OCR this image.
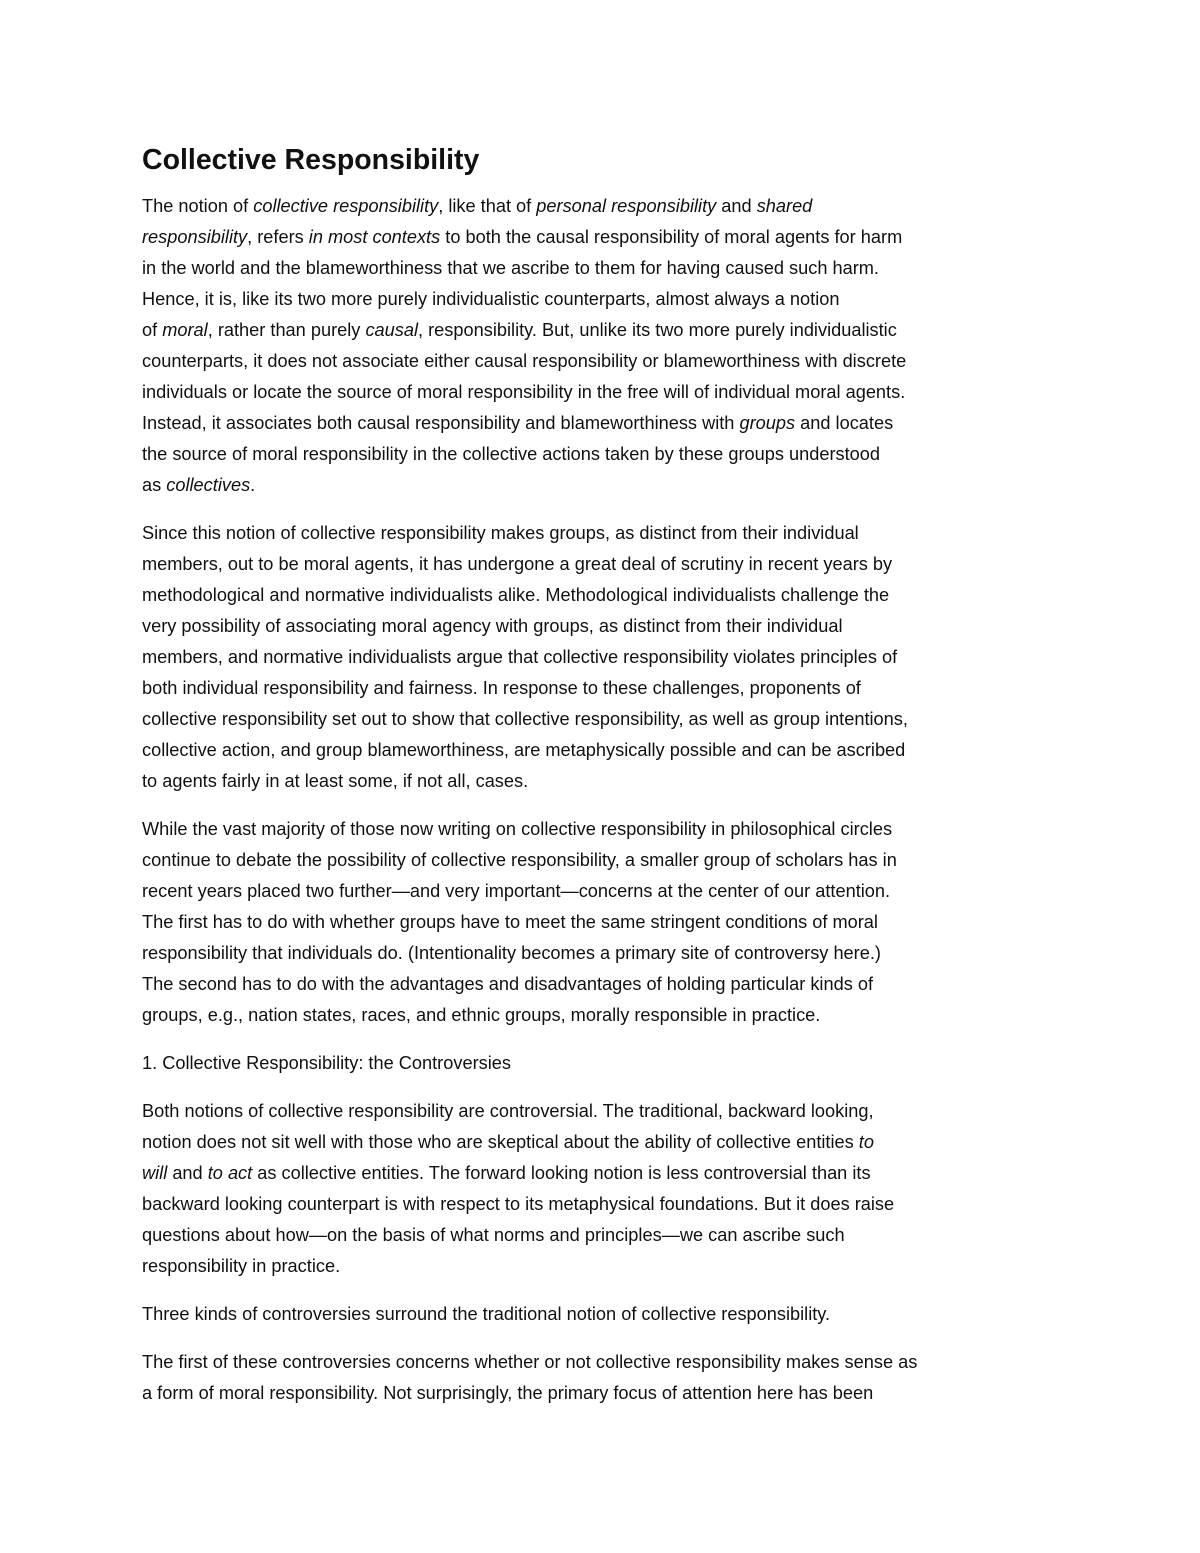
Collective Responsibility
The notion of collective responsibility, like that of personal responsibility and shared
responsibility, refers in most contexts to both the causal responsibility of moral agents for harm
in the world and the blameworthiness that we ascribe to them for having caused such harm.
Hence, it is, like its two more purely individualistic counterparts, almost always a notion
of moral, rather than purely causal, responsibility. But, unlike its two more purely individualistic
counterparts, it does not associate either causal responsibility or blameworthiness with discrete
individuals or locate the source of moral responsibility in the free will of individual moral agents.
Instead, it associates both causal responsibility and blameworthiness with groups and locates
the source of moral responsibility in the collective actions taken by these groups understood
as collectives.
Since this notion of collective responsibility makes groups, as distinct from their individual
members, out to be moral agents, it has undergone a great deal of scrutiny in recent years by
methodological and normative individualists alike. Methodological individualists challenge the
very possibility of associating moral agency with groups, as distinct from their individual
members, and normative individualists argue that collective responsibility violates principles of
both individual responsibility and fairness. In response to these challenges, proponents of
collective responsibility set out to show that collective responsibility, as well as group intentions,
collective action, and group blameworthiness, are metaphysically possible and can be ascribed
to agents fairly in at least some, if not all, cases.
While the vast majority of those now writing on collective responsibility in philosophical circles
continue to debate the possibility of collective responsibility, a smaller group of scholars has in
recent years placed two further—and very important—concerns at the center of our attention.
The first has to do with whether groups have to meet the same stringent conditions of moral
responsibility that individuals do. (Intentionality becomes a primary site of controversy here.)
The second has to do with the advantages and disadvantages of holding particular kinds of
groups, e.g., nation states, races, and ethnic groups, morally responsible in practice.
1. Collective Responsibility: the Controversies
Both notions of collective responsibility are controversial. The traditional, backward looking,
notion does not sit well with those who are skeptical about the ability of collective entities to
will and to act as collective entities. The forward looking notion is less controversial than its
backward looking counterpart is with respect to its metaphysical foundations. But it does raise
questions about how—on the basis of what norms and principles—we can ascribe such
responsibility in practice.
Three kinds of controversies surround the traditional notion of collective responsibility.
The first of these controversies concerns whether or not collective responsibility makes sense as
a form of moral responsibility. Not surprisingly, the primary focus of attention here has been
